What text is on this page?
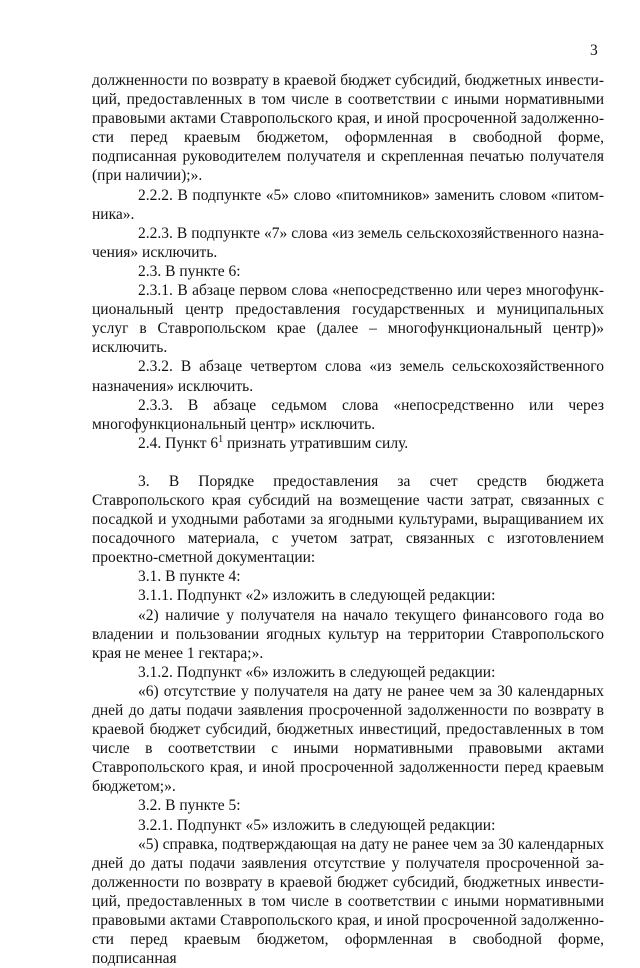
3

должненности по возврату в краевой бюджет субсидий, бюджетных инвестиций, предоставленных в том числе в соответствии с иными нормативными правовыми актами Ставропольского края, и иной просроченной задолженности перед краевым бюджетом, оформленная в свободной форме, подписанная руководителем получателя и скрепленная печатью получателя (при наличии);».

2.2.2. В подпункте «5» слово «питомников» заменить словом «питомника».

2.2.3. В подпункте «7» слова «из земель сельскохозяйственного назначения» исключить.

2.3. В пункте 6:

2.3.1. В абзаце первом слова «непосредственно или через многофункциональный центр предоставления государственных и муниципальных услуг в Ставропольском крае (далее – многофункциональный центр)» исключить.

2.3.2. В абзаце четвертом слова «из земель сельскохозяйственного назначения» исключить.

2.3.3. В абзаце седьмом слова «непосредственно или через многофункциональный центр» исключить.

2.4. Пункт $6^1$ признать утратившим силу.

3. В Порядке предоставления за счет средств бюджета Ставропольского края субсидий на возмещение части затрат, связанных с посадкой и уходными работами за ягодными культурами, выращиванием их посадочного материала, с учетом затрат, связанных с изготовлением проектно-сметной документации:

3.1. В пункте 4:

3.1.1. Подпункт «2» изложить в следующей редакции:

«2) наличие у получателя на начало текущего финансового года во владении и пользовании ягодных культур на территории Ставропольского края не менее 1 гектара;».

3.1.2. Подпункт «6» изложить в следующей редакции:

«6) отсутствие у получателя на дату не ранее чем за 30 календарных дней до даты подачи заявления просроченной задолженности по возврату в краевой бюджет субсидий, бюджетных инвестиций, предоставленных в том числе в соответствии с иными нормативными правовыми актами Ставропольского края, и иной просроченной задолженности перед краевым бюджетом;».

3.2. В пункте 5:

3.2.1. Подпункт «5» изложить в следующей редакции:

«5) справка, подтверждающая на дату не ранее чем за 30 календарных дней до даты подачи заявления отсутствие у получателя просроченной задолженности по возврату в краевой бюджет субсидий, бюджетных инвестиций, предоставленных в том числе в соответствии с иными нормативными правовыми актами Ставропольского края, и иной просроченной задолженности перед краевым бюджетом, оформленная в свободной форме, подписанная
